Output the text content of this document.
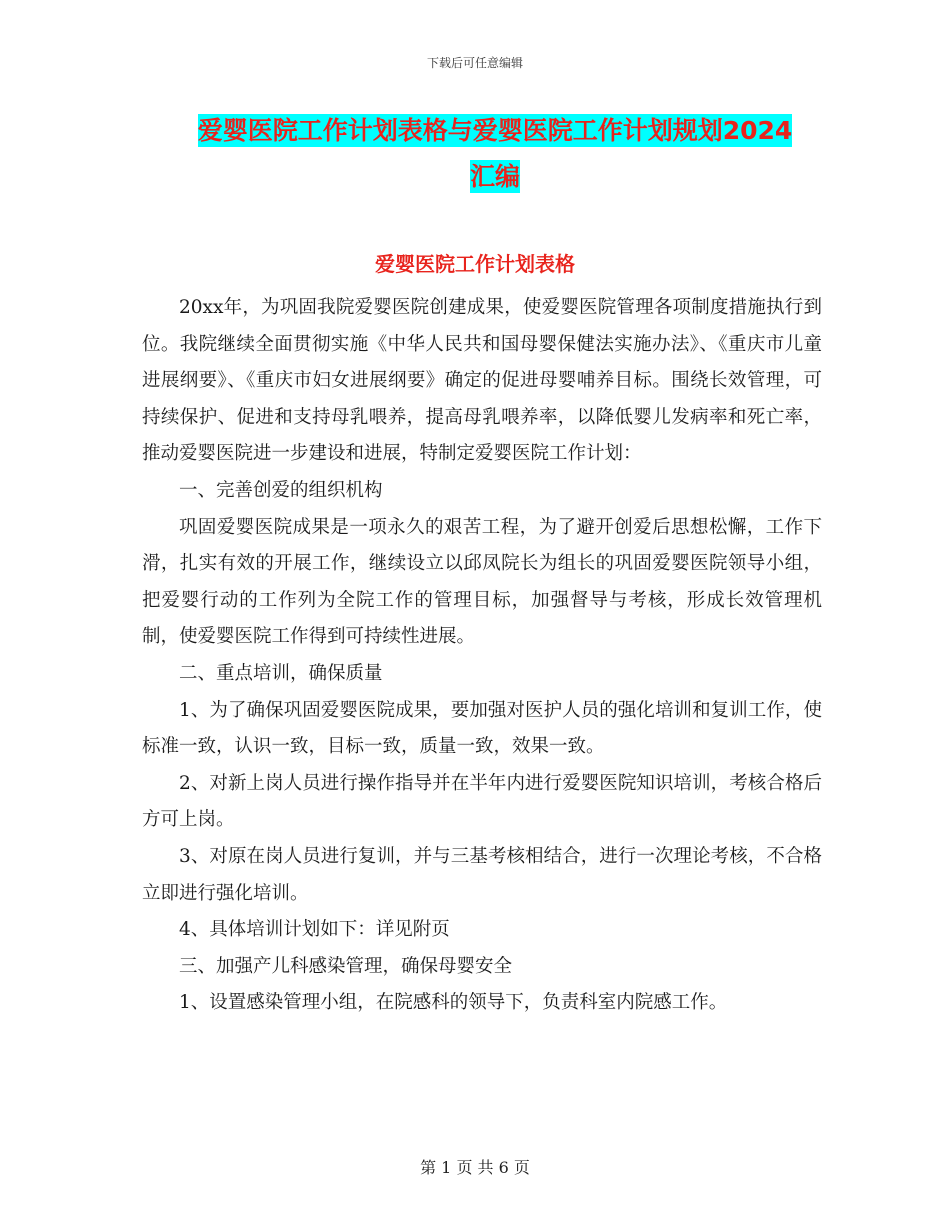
下载后可任意编辑
爱婴医院工作计划表格与爱婴医院工作计划规划2024
汇编
爱婴医院工作计划表格

20xx年，为巩固我院爱婴医院创建成果，使爱婴医院管理各项制度措施执行到位。我院继续全面贯彻实施《中华人民共和国母婴保健法实施办法》、《重庆市儿童进展纲要》、《重庆市妇女进展纲要》确定的促进母婴哺养目标。围绕长效管理，可持续保护、促进和支持母乳喂养，提高母乳喂养率，以降低婴儿发病率和死亡率，推动爱婴医院进一步建设和进展，特制定爱婴医院工作计划：

一、完善创爱的组织机构

巩固爱婴医院成果是一项永久的艰苦工程，为了避开创爱后思想松懈，工作下滑，扎实有效的开展工作，继续设立以邱凤院长为组长的巩固爱婴医院领导小组，把爱婴行动的工作列为全院工作的管理目标，加强督导与考核，形成长效管理机制，使爱婴医院工作得到可持续性进展。

二、重点培训，确保质量

1、为了确保巩固爱婴医院成果，要加强对医护人员的强化培训和复训工作，使标准一致，认识一致，目标一致，质量一致，效果一致。

2、对新上岗人员进行操作指导并在半年内进行爱婴医院知识培训，考核合格后方可上岗。

3、对原在岗人员进行复训，并与三基考核相结合，进行一次理论考核，不合格立即进行强化培训。

4、具体培训计划如下：详见附页

三、加强产儿科感染管理，确保母婴安全

1、设置感染管理小组，在院感科的领导下，负责科室内院感工作。

第 1 页 共 6 页
